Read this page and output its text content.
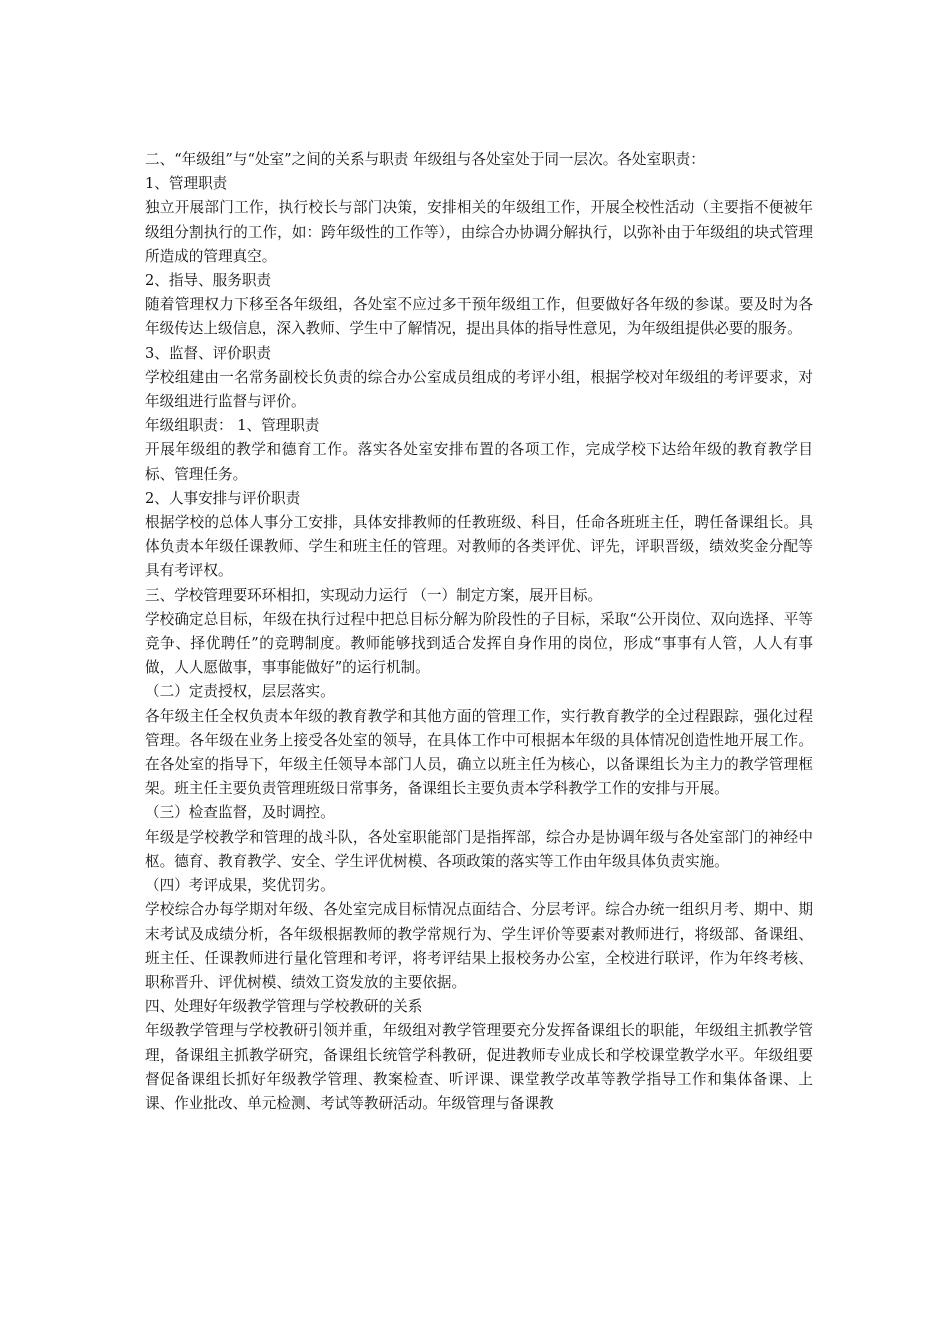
二、“年级组”与“处室”之间的关系与职责 年级组与各处室处于同一层次。各处室职责：

1、管理职责

独立开展部门工作，执行校长与部门决策，安排相关的年级组工作，开展全校性活动（主要指不便被年级组分割执行的工作，如：跨年级性的工作等），由综合办协调分解执行，以弥补由于年级组的块式管理所造成的管理真空。

2、指导、服务职责

随着管理权力下移至各年级组，各处室不应过多干预年级组工作，但要做好各年级的参谋。要及时为各年级传达上级信息，深入教师、学生中了解情况，提出具体的指导性意见，为年级组提供必要的服务。

3、监督、评价职责

学校组建由一名常务副校长负责的综合办公室成员组成的考评小组，根据学校对年级组的考评要求，对年级组进行监督与评价。

年级组职责： 1、管理职责

开展年级组的教学和德育工作。落实各处室安排布置的各项工作，完成学校下达给年级的教育教学目标、管理任务。

2、人事安排与评价职责

根据学校的总体人事分工安排，具体安排教师的任教班级、科目，任命各班班主任，聘任备课组长。具体负责本年级任课教师、学生和班主任的管理。对教师的各类评优、评先，评职晋级，绩效奖金分配等具有考评权。

三、学校管理要环环相扣，实现动力运行 （一）制定方案，展开目标。

学校确定总目标，年级在执行过程中把总目标分解为阶段性的子目标，采取“公开岗位、双向选择、平等竞争、择优聘任”的竞聘制度。教师能够找到适合发挥自身作用的岗位，形成“事事有人管，人人有事做，人人愿做事，事事能做好”的运行机制。

（二）定责授权，层层落实。

各年级主任全权负责本年级的教育教学和其他方面的管理工作，实行教育教学的全过程跟踪，强化过程管理。各年级在业务上接受各处室的领导，在具体工作中可根据本年级的具体情况创造性地开展工作。在各处室的指导下，年级主任领导本部门人员，确立以班主任为核心，以备课组长为主力的教学管理框架。班主任主要负责管理班级日常事务，备课组长主要负责本学科教学工作的安排与开展。

（三）检查监督，及时调控。

年级是学校教学和管理的战斗队，各处室职能部门是指挥部，综合办是协调年级与各处室部门的神经中枢。德育、教育教学、安全、学生评优树模、各项政策的落实等工作由年级具体负责实施。

（四）考评成果，奖优罚劣。

学校综合办每学期对年级、各处室完成目标情况点面结合、分层考评。综合办统一组织月考、期中、期末考试及成绩分析，各年级根据教师的教学常规行为、学生评价等要素对教师进行，将级部、备课组、班主任、任课教师进行量化管理和考评，将考评结果上报校务办公室，全校进行联评，作为年终考核、职称晋升、评优树模、绩效工资发放的主要依据。

四、处理好年级教学管理与学校教研的关系

年级教学管理与学校教研引领并重，年级组对教学管理要充分发挥备课组长的职能，年级组主抓教学管理，备课组主抓教学研究，备课组长统管学科教研，促进教师专业成长和学校课堂教学水平。年级组要督促备课组长抓好年级教学管理、教案检查、听评课、课堂教学改革等教学指导工作和集体备课、上课、作业批改、单元检测、考试等教研活动。年级管理与备课教
